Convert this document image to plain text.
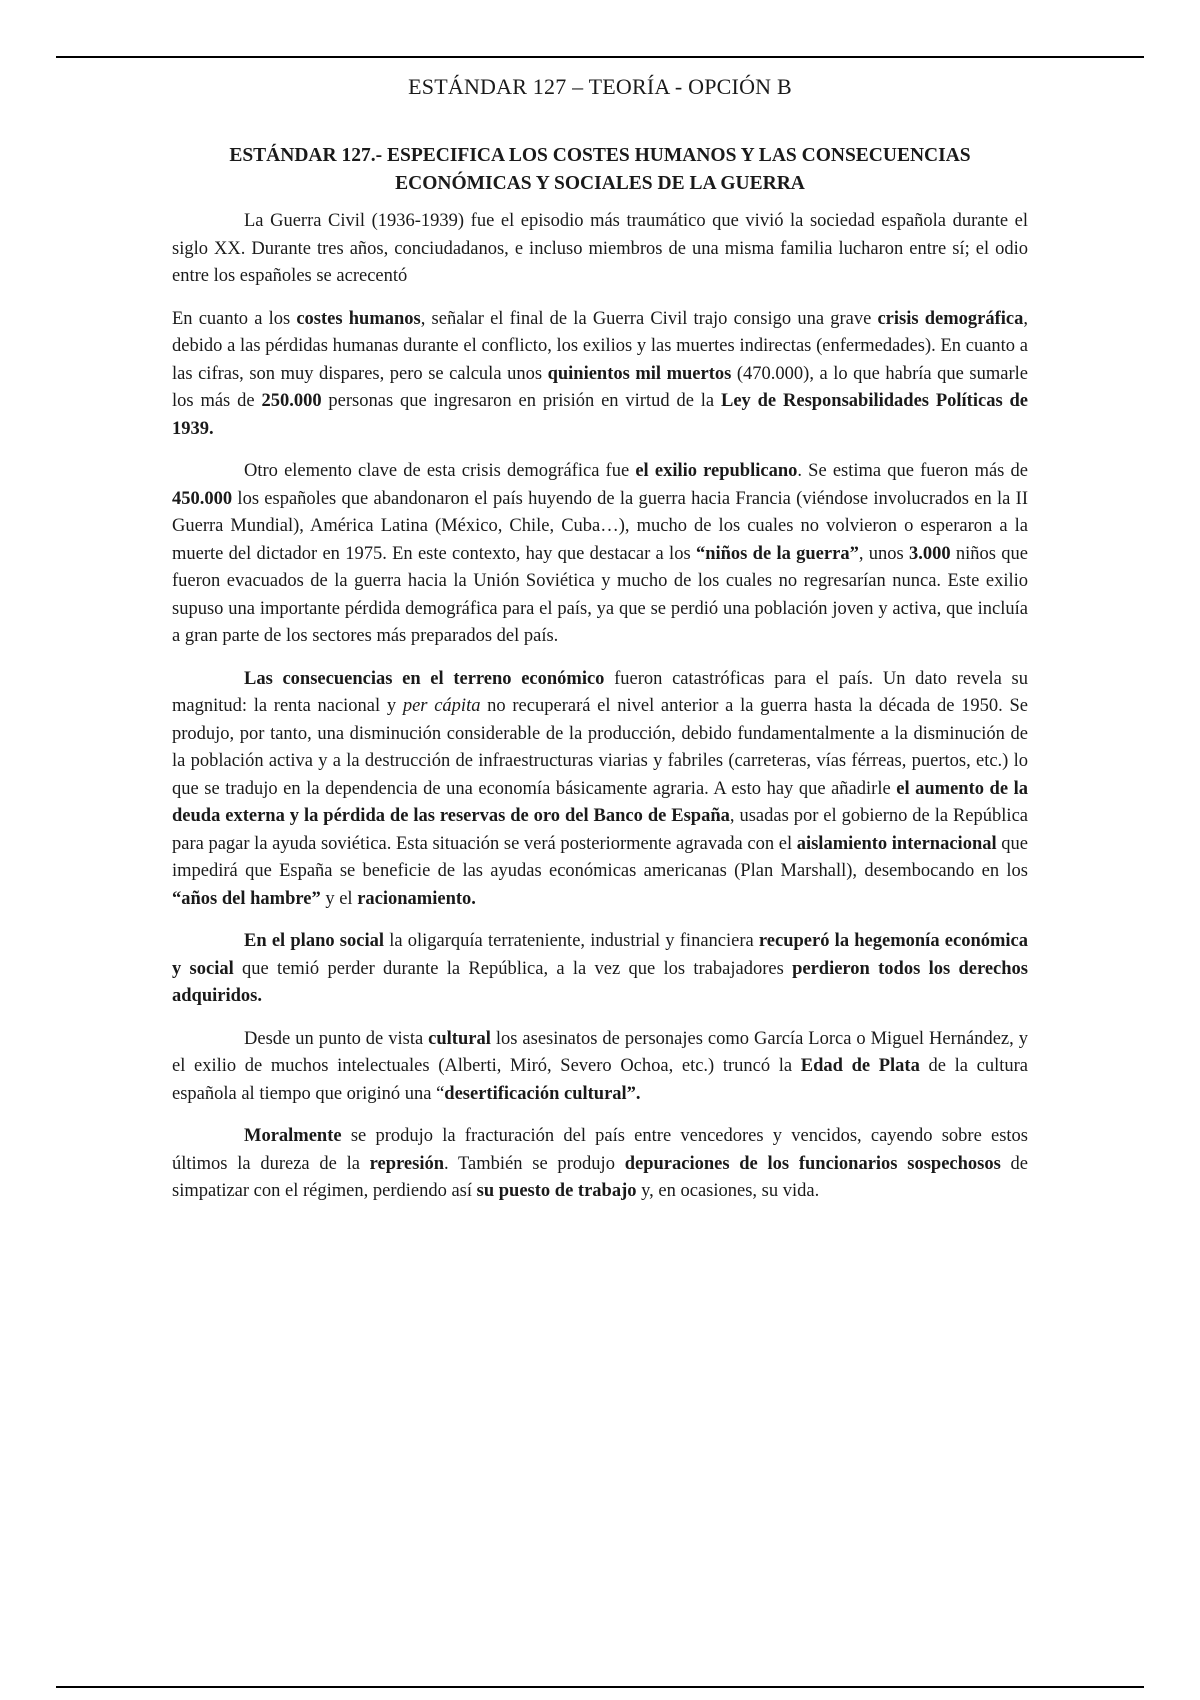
ESTÁNDAR 127 – TEORÍA - OPCIÓN B
ESTÁNDAR 127.- ESPECIFICA LOS COSTES HUMANOS Y LAS CONSECUENCIAS ECONÓMICAS Y SOCIALES DE LA GUERRA

La Guerra Civil (1936-1939) fue el episodio más traumático que vivió la sociedad española durante el siglo XX. Durante tres años, conciudadanos, e incluso miembros de una misma familia lucharon entre sí; el odio entre los españoles se acrecentó

En cuanto a los costes humanos, señalar el final de la Guerra Civil trajo consigo una grave crisis demográfica, debido a las pérdidas humanas durante el conflicto, los exilios y las muertes indirectas (enfermedades). En cuanto a las cifras, son muy dispares, pero se calcula unos quinientos mil muertos (470.000), a lo que habría que sumarle los más de 250.000 personas que ingresaron en prisión en virtud de la Ley de Responsabilidades Políticas de 1939.

Otro elemento clave de esta crisis demográfica fue el exilio republicano. Se estima que fueron más de 450.000 los españoles que abandonaron el país huyendo de la guerra hacia Francia (viéndose involucrados en la II Guerra Mundial), América Latina (México, Chile, Cuba…), mucho de los cuales no volvieron o esperaron a la muerte del dictador en 1975. En este contexto, hay que destacar a los “niños de la guerra”, unos 3.000 niños que fueron evacuados de la guerra hacia la Unión Soviética y mucho de los cuales no regresarían nunca. Este exilio supuso una importante pérdida demográfica para el país, ya que se perdió una población joven y activa, que incluía a gran parte de los sectores más preparados del país.

Las consecuencias en el terreno económico fueron catastróficas para el país. Un dato revela su magnitud: la renta nacional y per cápita no recuperará el nivel anterior a la guerra hasta la década de 1950. Se produjo, por tanto, una disminución considerable de la producción, debido fundamentalmente a la disminución de la población activa y a la destrucción de infraestructuras viarias y fabriles (carreteras, vías férreas, puertos, etc.) lo que se tradujo en la dependencia de una economía básicamente agraria. A esto hay que añadirle el aumento de la deuda externa y la pérdida de las reservas de oro del Banco de España, usadas por el gobierno de la República para pagar la ayuda soviética. Esta situación se verá posteriormente agravada con el aislamiento internacional que impedirá que España se beneficie de las ayudas económicas americanas (Plan Marshall), desembocando en los “años del hambre” y el racionamiento.

En el plano social la oligarquía terrateniente, industrial y financiera recuperó la hegemonía económica y social que temió perder durante la República, a la vez que los trabajadores perdieron todos los derechos adquiridos.

Desde un punto de vista cultural los asesinatos de personajes como García Lorca o Miguel Hernández, y el exilio de muchos intelectuales (Alberti, Miró, Severo Ochoa, etc.) truncó la Edad de Plata de la cultura española al tiempo que originó una “desertificación cultural”.

Moralmente se produjo la fracturación del país entre vencedores y vencidos, cayendo sobre estos últimos la dureza de la represión. También se produjo depuraciones de los funcionarios sospechosos de simpatizar con el régimen, perdiendo así su puesto de trabajo y, en ocasiones, su vida.
